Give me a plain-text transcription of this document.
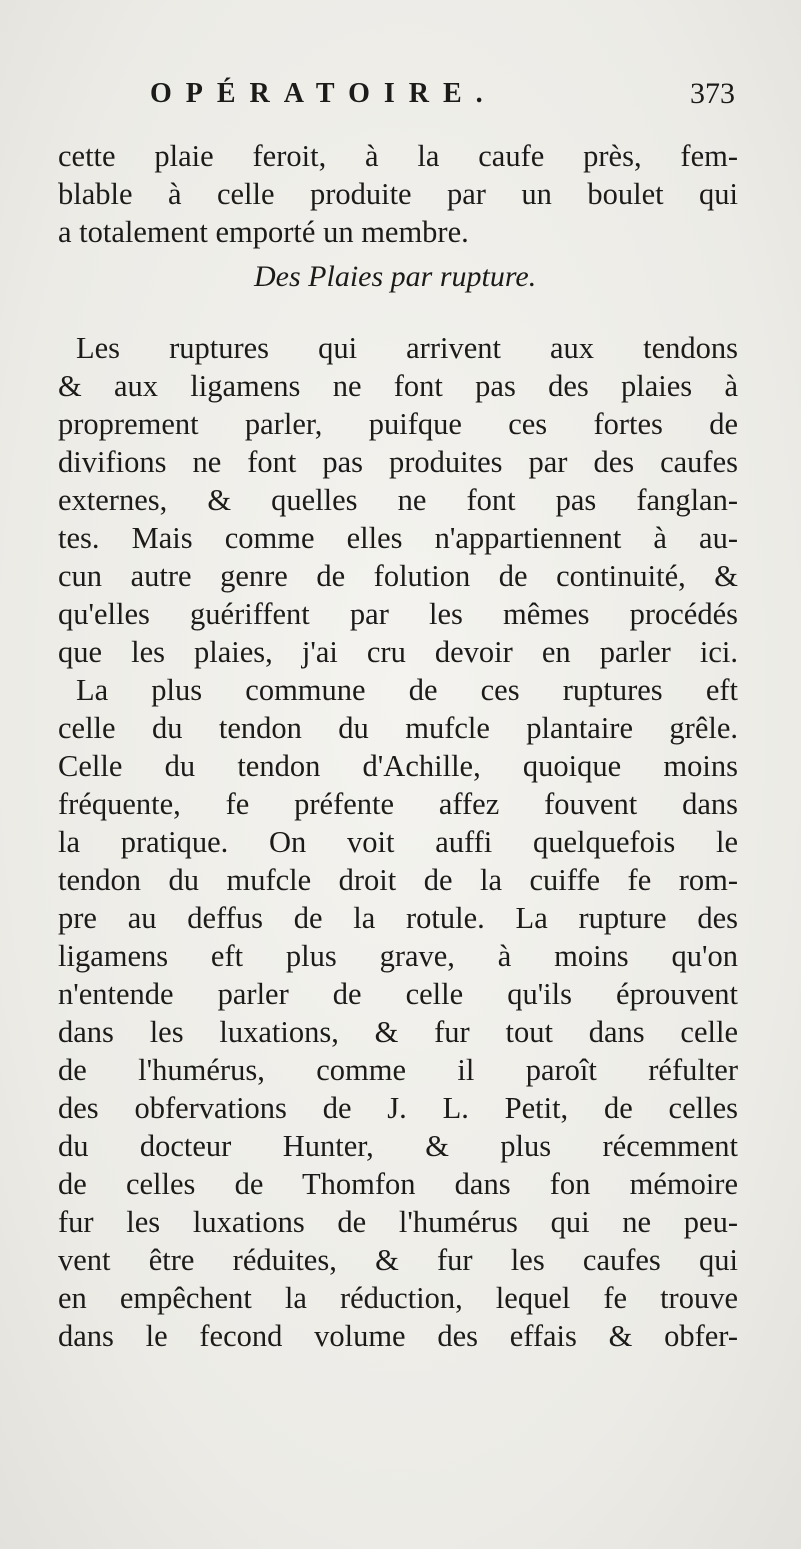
OPÉRATOIRE.	373
cette plaie feroit, à la caufe près, fem-
blable à celle produite par un boulet qui
a totalement emporté un membre.
Des Plaies par rupture.
Les ruptures qui arrivent aux tendons
& aux ligamens ne font pas des plaies à
proprement parler, puifque ces fortes de
divifions ne font pas produites par des caufes
externes, & quelles ne font pas fanglan-
tes. Mais comme elles n'appartiennent à au-
cun autre genre de folution de continuité, &
qu'elles guériffent par les mêmes procédés
que les plaies, j'ai cru devoir en parler ici.
La plus commune de ces ruptures eft
celle du tendon du mufcle plantaire grêle.
Celle du tendon d'Achille, quoique moins
fréquente, fe préfente affez fouvent dans
la pratique. On voit auffi quelquefois le
tendon du mufcle droit de la cuiffe fe rom-
pre au deffus de la rotule. La rupture des
ligamens eft plus grave, à moins qu'on
n'entende parler de celle qu'ils éprouvent
dans les luxations, & fur tout dans celle
de l'humérus, comme il paroît réfulter
des obfervations de J. L. Petit, de celles
du docteur Hunter, & plus récemment
de celles de Thomfon dans fon mémoire
fur les luxations de l'humérus qui ne peu-
vent être réduites, & fur les caufes qui
en empêchent la réduction, lequel fe trouve
dans le fecond volume des effais & obfer-
